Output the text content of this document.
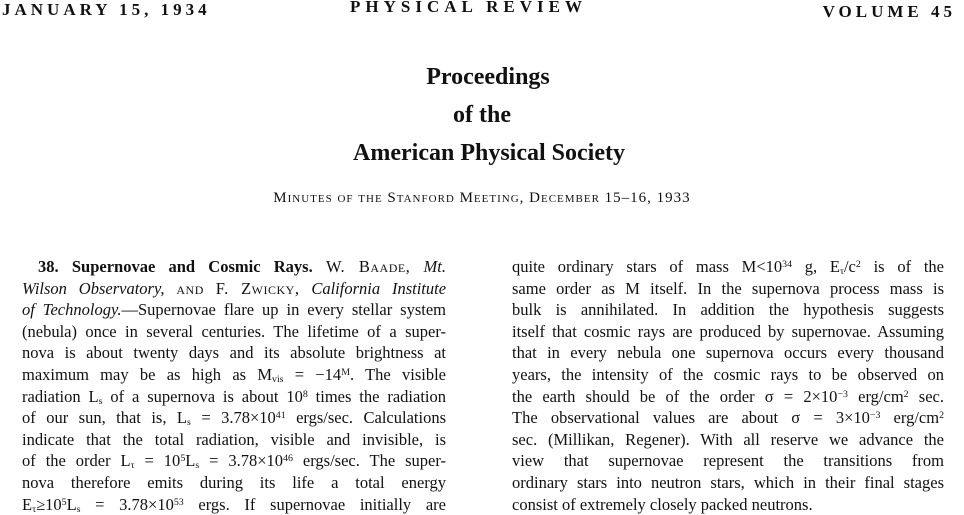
JANUARY 15, 1934	PHYSICAL REVIEW	VOLUME 45

Proceedings

of the

American Physical Society

Minutes of the Stanford Meeting, December 15–16, 1933
38. Supernovae and Cosmic Rays. W. Baade, Mt.
Wilson Observatory, and F. Zwicky, California Institute
of Technology.—Supernovae flare up in every stellar system
(nebula) once in several centuries. The lifetime of a super-
nova is about twenty days and its absolute brightness at
maximum may be as high as $M_{vis} = -14^M$. The visible
radiation $L_s$ of a supernova is about $10^8$ times the radiation
of our sun, that is, $L_s = 3.78\times 10^{41}$ ergs/sec. Calculations
indicate that the total radiation, visible and invisible, is
of the order $L_\tau = 10^5L_s = 3.78\times 10^{46}$ ergs/sec. The super-
nova therefore emits during its life a total energy
$E_\tau\ge 10^5L_s = 3.78\times 10^{53}$ ergs. If supernovae initially are
quite ordinary stars of mass $M<10^{34}$ g, $E_\tau/c^2$ is of the
same order as M itself. In the supernova process mass is
bulk is annihilated. In addition the hypothesis suggests
itself that cosmic rays are produced by supernovae. Assuming
that in every nebula one supernova occurs every thousand
years, the intensity of the cosmic rays to be observed on
the earth should be of the order $\sigma = 2\times 10^{-3}$ erg/$cm^2$ sec.
The observational values are about $\sigma = 3\times 10^{-3}$ erg/$cm^2$
sec. (Millikan, Regener). With all reserve we advance the
view that supernovae represent the transitions from
ordinary stars into neutron stars, which in their final stages
consist of extremely closely packed neutrons.
